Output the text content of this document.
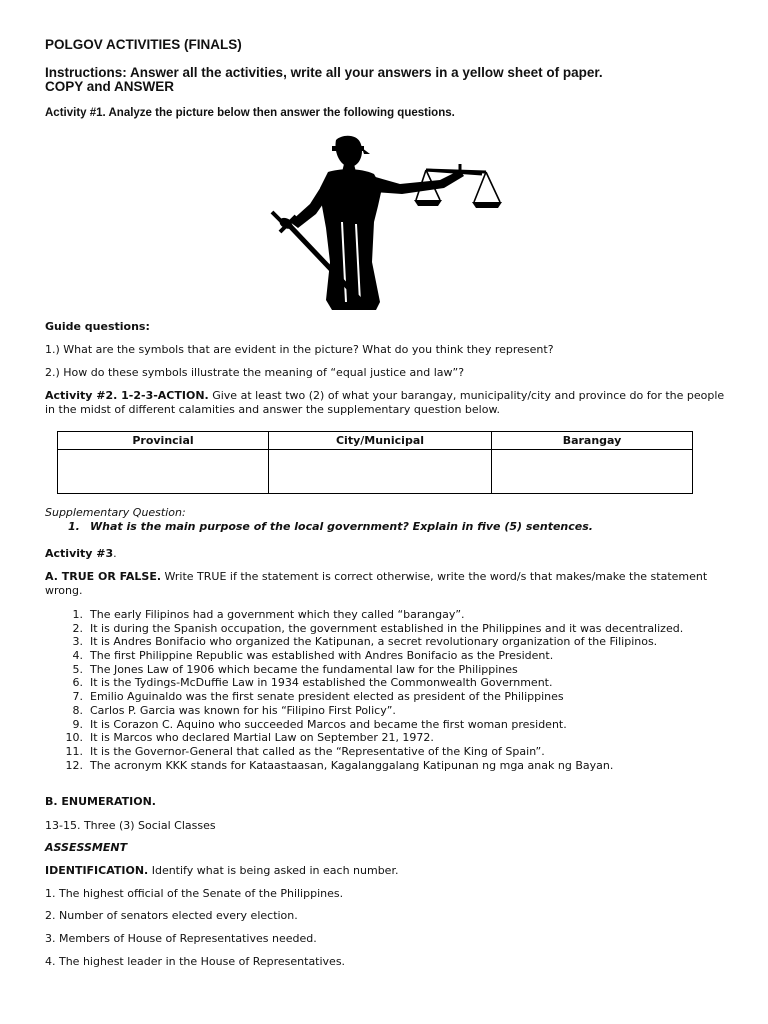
POLGOV ACTIVITIES (FINALS)
Instructions: Answer all the activities, write all your answers in a yellow sheet of paper.
COPY and ANSWER
Activity #1. Analyze the picture below then answer the following questions.
Guide questions:
1.) What are the symbols that are evident in the picture? What do you think they represent?
2.) How do these symbols illustrate the meaning of “equal justice and law”?
Activity #2. 1-2-3-ACTION. Give at least two (2) of what your barangay, municipality/city and province do for the people in the midst of different calamities and answer the supplementary question below.
Provincial	City/Municipal	Barangay

Supplementary Question:
1. What is the main purpose of the local government? Explain in five (5) sentences.
Activity #3.
A. TRUE OR FALSE. Write TRUE if the statement is correct otherwise, write the word/s that makes/make the statement wrong.
1. The early Filipinos had a government which they called “barangay”.
2. It is during the Spanish occupation, the government established in the Philippines and it was decentralized.
3. It is Andres Bonifacio who organized the Katipunan, a secret revolutionary organization of the Filipinos.
4. The first Philippine Republic was established with Andres Bonifacio as the President.
5. The Jones Law of 1906 which became the fundamental law for the Philippines
6. It is the Tydings-McDuffie Law in 1934 established the Commonwealth Government.
7. Emilio Aguinaldo was the first senate president elected as president of the Philippines
8. Carlos P. Garcia was known for his “Filipino First Policy”.
9. It is Corazon C. Aquino who succeeded Marcos and became the first woman president.
10. It is Marcos who declared Martial Law on September 21, 1972.
11. It is the Governor-General that called as the “Representative of the King of Spain”.
12. The acronym KKK stands for Kataastaasan, Kagalanggalang Katipunan ng mga anak ng Bayan.
B. ENUMERATION.
13-15. Three (3) Social Classes
ASSESSMENT
IDENTIFICATION. Identify what is being asked in each number.
1. The highest official of the Senate of the Philippines.
2. Number of senators elected every election.
3. Members of House of Representatives needed.
4. The highest leader in the House of Representatives.
